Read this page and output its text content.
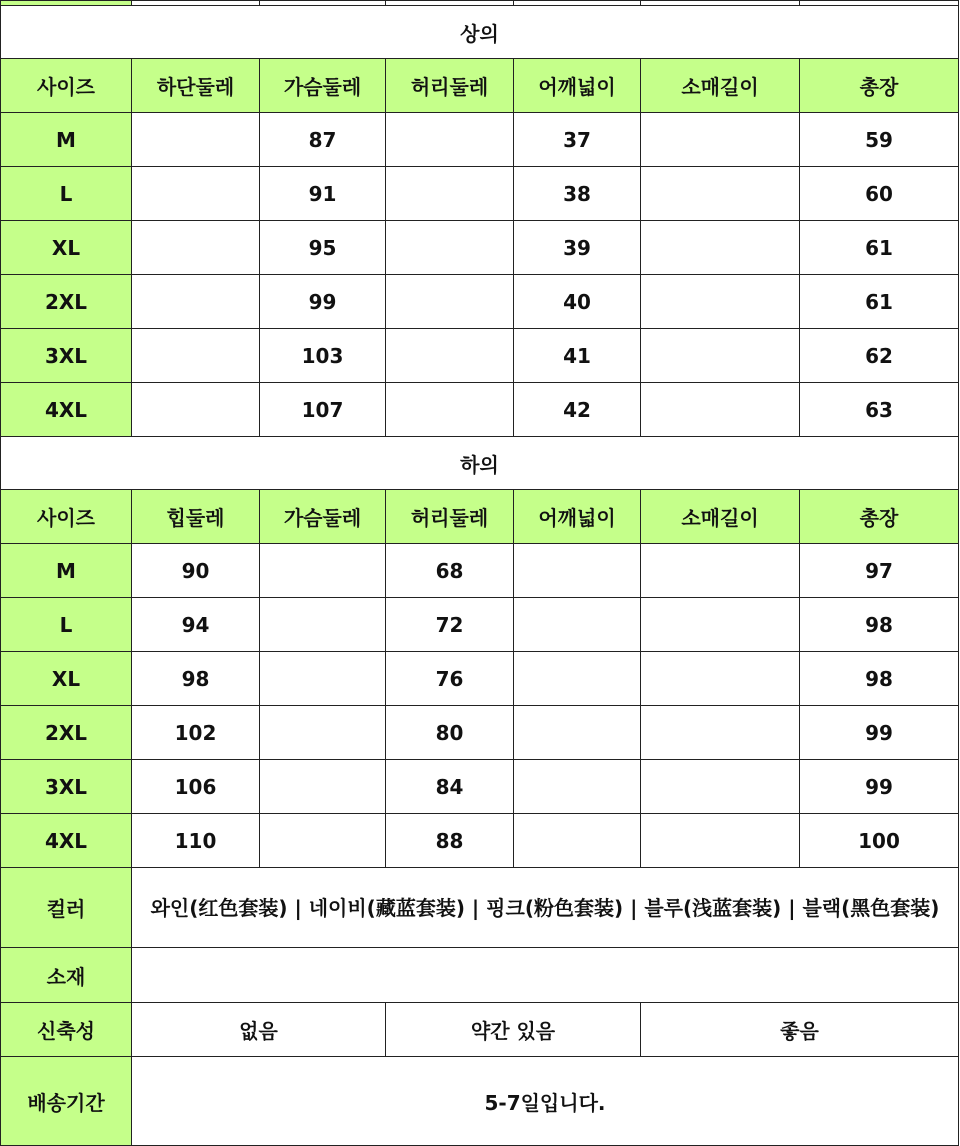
상의						
사이즈	하단둘레	가슴둘레	허리둘레	어깨넓이	소매길이	총장
M		87		37		59
L		91		38		60
XL		95		39		61
2XL		99		40		61
3XL		103		41		62
4XL		107		42		63
하의						
사이즈	힙둘레	가슴둘레	허리둘레	어깨넓이	소매길이	총장
M	90		68			97
L	94		72			98
XL	98		76			98
2XL	102		80			99
3XL	106		84			99
4XL	110		88			100
컬러	와인(红色套装) | 네이비(藏蓝套装) | 핑크(粉色套装) | 블루(浅蓝套装) | 블랙(黑色套装)					
소재						
신축성	없음		약간 있음		좋음	
배송기간	5-7일입니다.					
